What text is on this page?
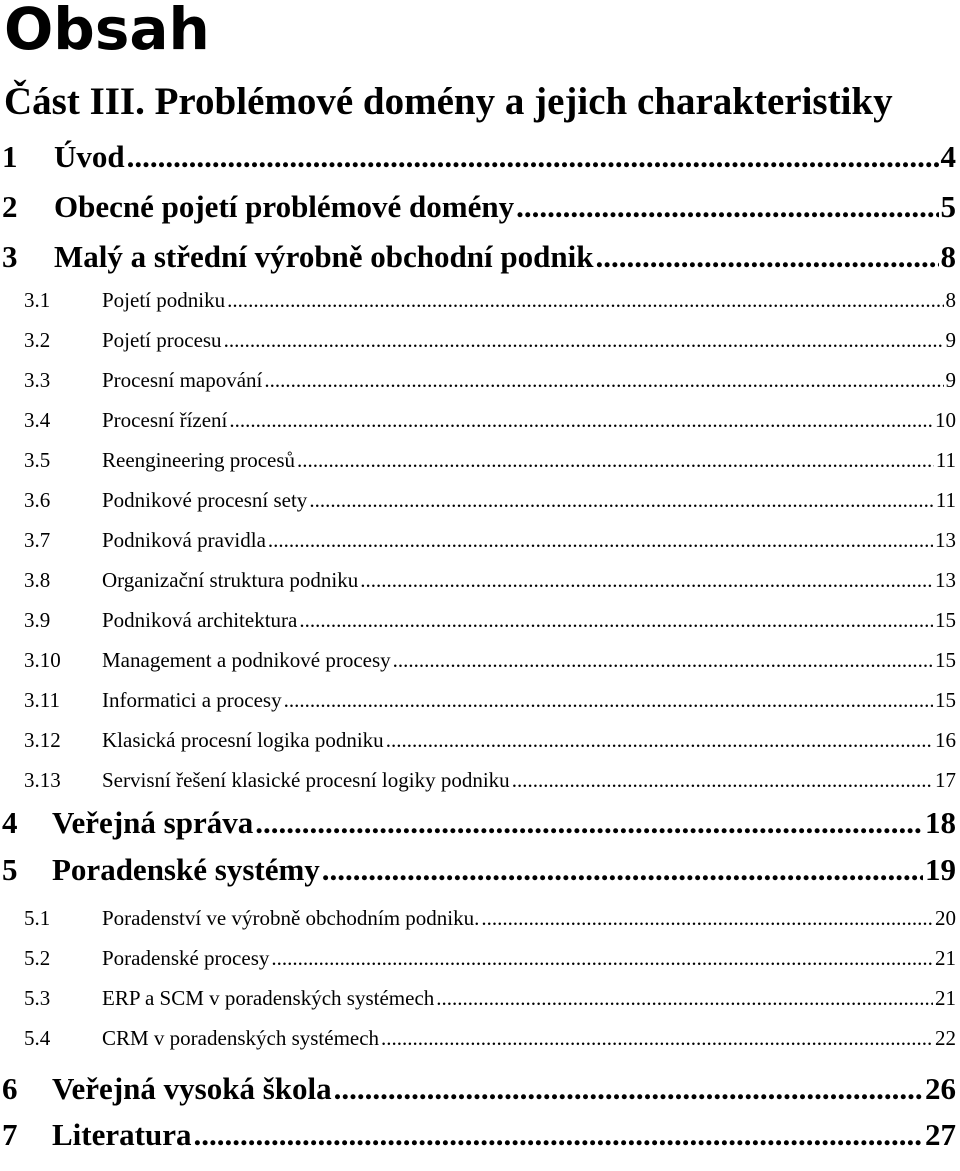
Obsah
Část III. Problémové domény a jejich charakteristiky
1	Úvod .....	4
2	Obecné pojetí problémové domény .....	5
3	Malý a střední výrobně obchodní podnik .....	8
3.1	Pojetí podniku .....	8
3.2	Pojetí procesu .....	9
3.3	Procesní mapování .....	9
3.4	Procesní řízení .....	10
3.5	Reengineering procesů .....	11
3.6	Podnikové procesní sety .....	11
3.7	Podniková pravidla .....	13
3.8	Organizační struktura podniku .....	13
3.9	Podniková architektura .....	15
3.10	Management a podnikové procesy .....	15
3.11	Informatici a procesy .....	15
3.12	Klasická procesní logika podniku .....	16
3.13	Servisní řešení klasické procesní logiky podniku .....	17
4	Veřejná správa .....	18
5	Poradenské systémy .....	19
5.1	Poradenství ve výrobně obchodním podniku. .....	20
5.2	Poradenské procesy .....	21
5.3	ERP a SCM v poradenských systémech .....	21
5.4	CRM v poradenských systémech .....	22
6	Veřejná vysoká škola .....	26
7	Literatura .....	27
